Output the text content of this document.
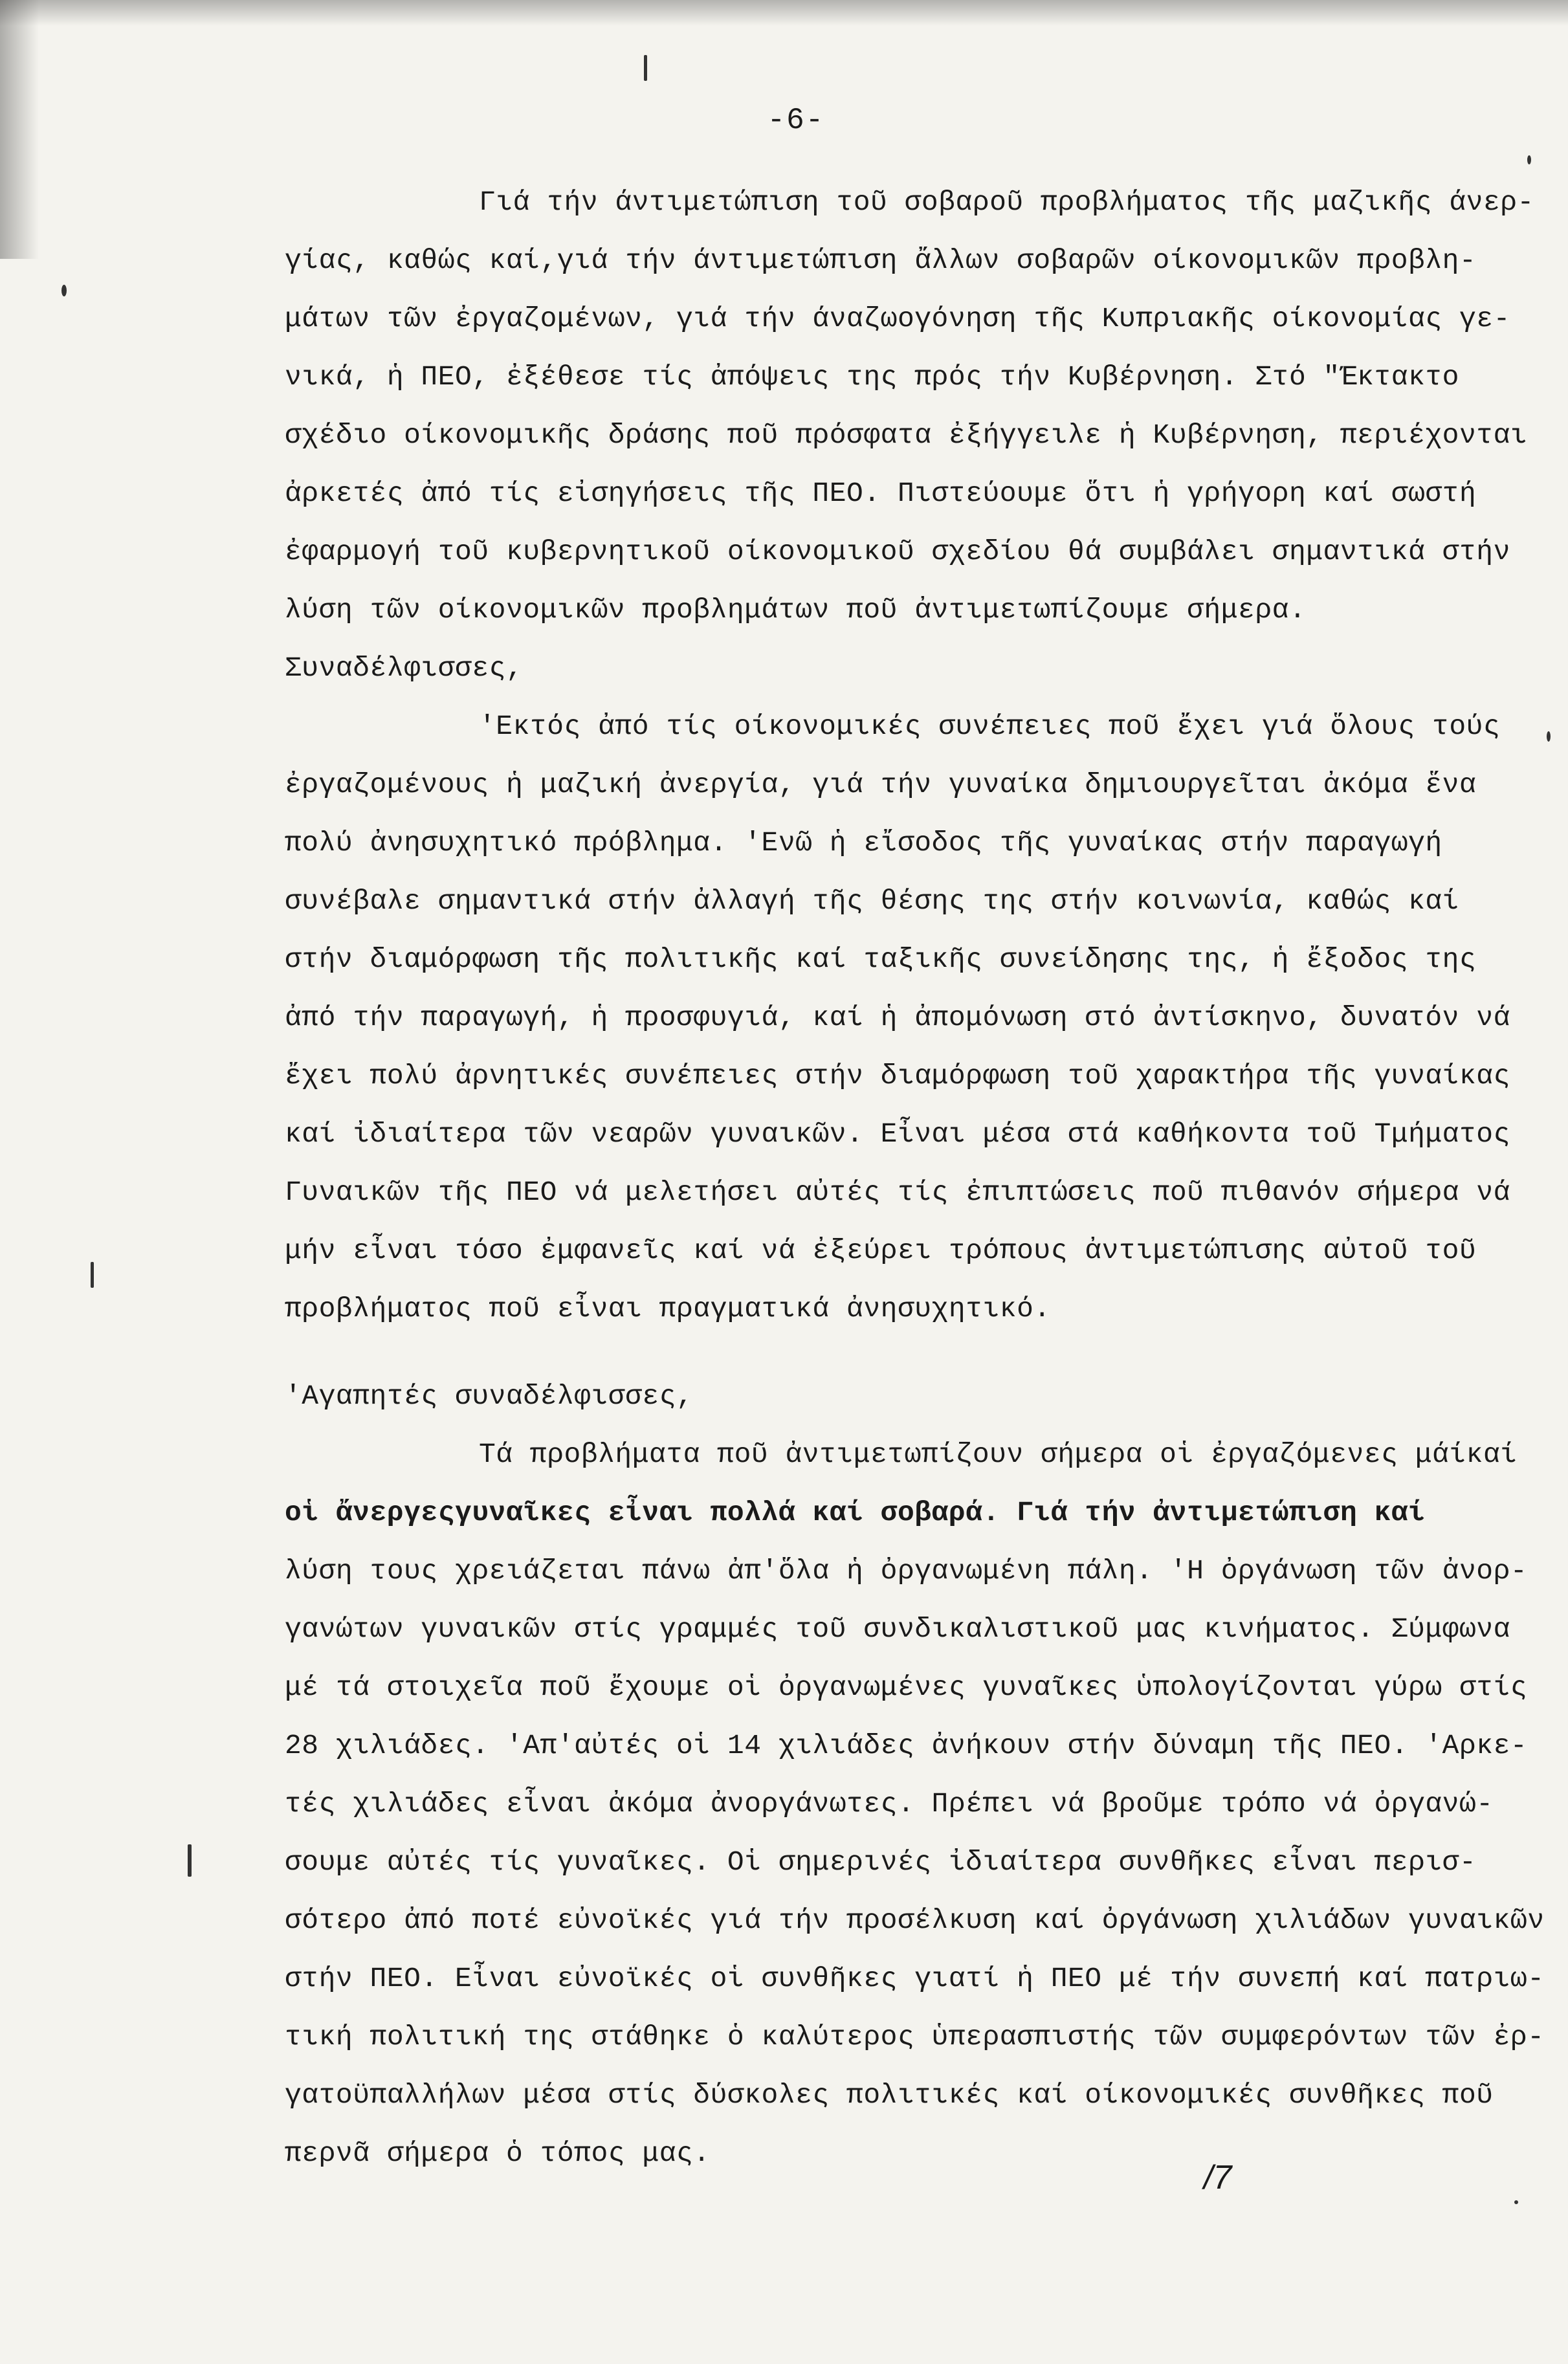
-6-
Γιά τήν άντιμετώπιση τοῦ σοβαροῦ προβλήματος τῆς μαζικῆς άνερ-
γίας, καθώς καί,γιά τήν άντιμετώπιση ἄλλων σοβαρῶν οίκονομικῶν προβλη-
μάτων τῶν ἐργαζομένων, γιά τήν άναζωογόνηση τῆς Κυπριακῆς οίκονομίας γε-
νικά, ἡ ΠΕΟ, ἐξέθεσε τίς ἀπόψεις της πρός τήν Κυβέρνηση. Στό "Έκτακτο
σχέδιο οίκονομικῆς δράσης ποῦ πρόσφατα ἐξήγγειλε ἡ Κυβέρνηση, περιέχονται
ἀρκετές ἀπό τίς εἰσηγήσεις τῆς ΠΕΟ. Πιστεύουμε ὅτι ἡ γρήγορη καί σωστή
ἐφαρμογή τοῦ κυβερνητικοῦ οίκονομικοῦ σχεδίου θά συμβάλει σημαντικά στήν
λύση τῶν οίκονομικῶν προβλημάτων ποῦ ἀντιμετωπίζουμε σήμερα.
Συναδέλφισσες,
'Εκτός ἀπό τίς οίκονομικές συνέπειες ποῦ ἔχει γιά ὅλους τούς
ἐργαζομένους ἡ μαζική ἀνεργία, γιά τήν γυναίκα δημιουργεῖται ἀκόμα ἕνα
πολύ ἀνησυχητικό πρόβλημα. 'Ενῶ ἡ εἴσοδος τῆς γυναίκας στήν παραγωγή
συνέβαλε σημαντικά στήν ἀλλαγή τῆς θέσης της στήν κοινωνία, καθώς καί
στήν διαμόρφωση τῆς πολιτικῆς καί ταξικῆς συνείδησης της, ἡ ἔξοδος της
ἀπό τήν παραγωγή, ἡ προσφυγιά, καί ἡ ἀπομόνωση στό ἀντίσκηνο, δυνατόν νά
ἔχει πολύ ἀρνητικές συνέπειες στήν διαμόρφωση τοῦ χαρακτήρα τῆς γυναίκας
καί ἰδιαίτερα τῶν νεαρῶν γυναικῶν. Εἶναι μέσα στά καθήκοντα τοῦ Τμήματος
Γυναικῶν τῆς ΠΕΟ νά μελετήσει αὐτές τίς ἐπιπτώσεις ποῦ πιθανόν σήμερα νά
μήν εἶναι τόσο ἐμφανεῖς καί νά ἐξεύρει τρόπους ἀντιμετώπισης αὐτοῦ τοῦ
προβλήματος ποῦ εἶναι πραγματικά ἀνησυχητικό.
'Αγαπητές συναδέλφισσες,
Τά προβλήματα ποῦ ἀντιμετωπίζουν σήμερα οἱ ἐργαζόμενες μάίκαί
οἱ ἄνεργεςγυναῖκες εἶναι πολλά καί σοβαρά. Γιά τήν ἀντιμετώπιση καί
λύση τους χρειάζεται πάνω ἀπ'ὅλα ἡ ὀργανωμένη πάλη. 'Η ὀργάνωση τῶν ἀνορ-
γανώτων γυναικῶν στίς γραμμές τοῦ συνδικαλιστικοῦ μας κινήματος. Σύμφωνα
μέ τά στοιχεῖα ποῦ ἔχουμε οἱ ὀργανωμένες γυναῖκες ὑπολογίζονται γύρω στίς
28 χιλιάδες. 'Απ'αὐτές οἱ 14 χιλιάδες ἀνήκουν στήν δύναμη τῆς ΠΕΟ. 'Αρκε-
τές χιλιάδες εἶναι ἀκόμα ἀνοργάνωτες. Πρέπει νά βροῦμε τρόπο νά ὀργανώ-
σουμε αὐτές τίς γυναῖκες. Οἱ σημερινές ἰδιαίτερα συνθῆκες εἶναι περισ-
σότερο ἀπό ποτέ εὐνοϊκές γιά τήν προσέλκυση καί ὀργάνωση χιλιάδων γυναικῶν
στήν ΠΕΟ. Εἶναι εὐνοϊκές οἱ συνθῆκες γιατί ἡ ΠΕΟ μέ τήν συνεπή καί πατριω-
τική πολιτική της στάθηκε ὁ καλύτερος ὑπερασπιστής τῶν συμφερόντων τῶν ἐρ-
γατοϋπαλλήλων μέσα στίς δύσκολες πολιτικές καί οίκονομικές συνθῆκες ποῦ
περνᾶ σήμερα ὁ τόπος μας.
/7
